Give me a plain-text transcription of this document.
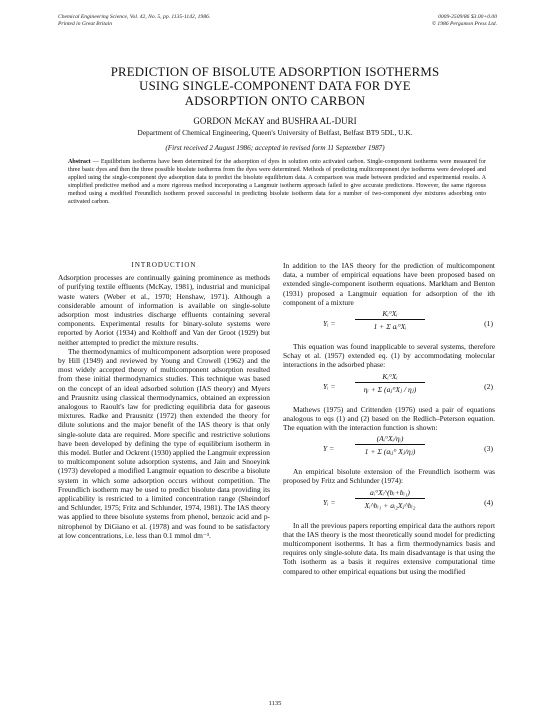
Chemical Engineering Science, Vol. 42, No. 5, pp. 1135-1142, 1986.
Printed in Great Britain
0009-2509/86 $3.00+0.00
© 1986 Pergamon Press Ltd.
PREDICTION OF BISOLUTE ADSORPTION ISOTHERMS
USING SINGLE-COMPONENT DATA FOR DYE
ADSORPTION ONTO CARBON
GORDON McKAY and BUSHRA AL-DURI
Department of Chemical Engineering, Queen's University of Belfast, Belfast BT9 5DL, U.K.
(First received 2 August 1986; accepted in revised form 11 September 1987)
Abstract — Equilibrium isotherms have been determined for the adsorption of dyes in solution onto activated carbon. Single-component isotherms were measured for three basic dyes and then the three possible bisolute isotherms from the dyes were determined. Methods of predicting multicomponent dye isotherms were developed and applied using the single-component dye adsorption data to predict the bisolute equilibrium data. A comparison was made between predicted and experimental results. A simplified predictive method and a more rigorous method incorporating a Langmuir isotherm approach failed to give accurate predictions. However, the same rigorous method using a modified Freundlich isotherm proved successful in predicting bisolute isotherm data for a number of two-component dye mixtures adsorbing onto activated carbon.
INTRODUCTION

Adsorption processes are continually gaining prominence as methods of purifying textile effluents (McKay, 1981), industrial and municipal waste waters (Weber et al., 1970; Henshaw, 1971). Although a considerable amount of information is available on single-solute adsorption most industries discharge effluents containing several components. Experimental results for binary-solute systems were reported by Aoriot (1934) and Kolthoff and Van der Groot (1929) but neither attempted to predict the mixture results.

The thermodynamics of multicomponent adsorption were proposed by Hill (1949) and reviewed by Young and Crowell (1962) and the most widely accepted theory of multicomponent adsorption resulted from these initial thermodynamics studies. This technique was based on the concept of an ideal adsorbed solution (IAS theory) and Myers and Prausnitz using classical thermodynamics, obtained an expression analogous to Raoult's law for predicting equilibria data for gaseous mixtures. Radke and Prausnitz (1972) then extended the theory for dilute solutions and the major benefit of the IAS theory is that only single-solute data are required. More specific and restrictive solutions have been developed by defining the type of equilibrium isotherm in this model. Butler and Ockrent (1930) applied the Langmuir expression to multicomponent solute adsorption systems, and Jain and Snoeyink (1973) developed a modified Langmuir equation to describe a bisolute system in which some adsorption occurs without competition. The Freundlich isotherm may be used to predict bisolute data providing its applicability is restricted to a limited concentration range (Sheindorf and Schlunder, 1975; Fritz and Schlunder, 1974, 1981). The IAS theory was applied to three bisolute systems from phenol, benzoic acid and p-nitrophenol by DiGiano et al. (1978) and was found to be satisfactory at low concentrations, i.e. less than 0.1 mmol dm⁻³.

In addition to the IAS theory for the prediction of multicomponent data, a number of empirical equations have been proposed based on extended single-component isotherm equations. Markham and Benton (1931) proposed a Langmuir equation for adsorption of the ith component of a mixture

Yᵢ =
Kᵢ°Xᵢ
1 + Σ aᵢ°Xᵢ	(1)

This equation was found inapplicable to several systems, therefore Schay et al. (1957) extended eq. (1) by accommodating molecular interactions in the adsorbed phase:

Yᵢ =
Kᵢ°Xᵢ
ηᵢ + Σ (aⱼ°Xⱼ / ηⱼ)	(2)

Mathews (1975) and Crittenden (1976) used a pair of equations analogous to eqs (1) and (2) based on the Redlich–Peterson equation. The equation with the interaction function is shown:

Y =
(Aᵢ°Xᵢ/ηᵢ)
1 + Σ (aᵢⱼ° Xⱼ/ηⱼ)	(3)

An empirical bisolute extension of the Freundlich isotherm was proposed by Fritz and Schlunder (1974):

Yᵢ =
aᵢ°Xᵢ^(bᵢ+bᵢ₁)
Xᵢ^bᵢ₁ + aᵢ₂Xⱼ^bᵢ₂	(4)

In all the previous papers reporting empirical data the authors report that the IAS theory is the most theoretically sound model for predicting multicomponent isotherms. It has a firm thermodynamics basis and requires only single-solute data. Its main disadvantage is that using the Toth isotherm as a basis it requires extensive computational time compared to other empirical equations but using the modified

1135
